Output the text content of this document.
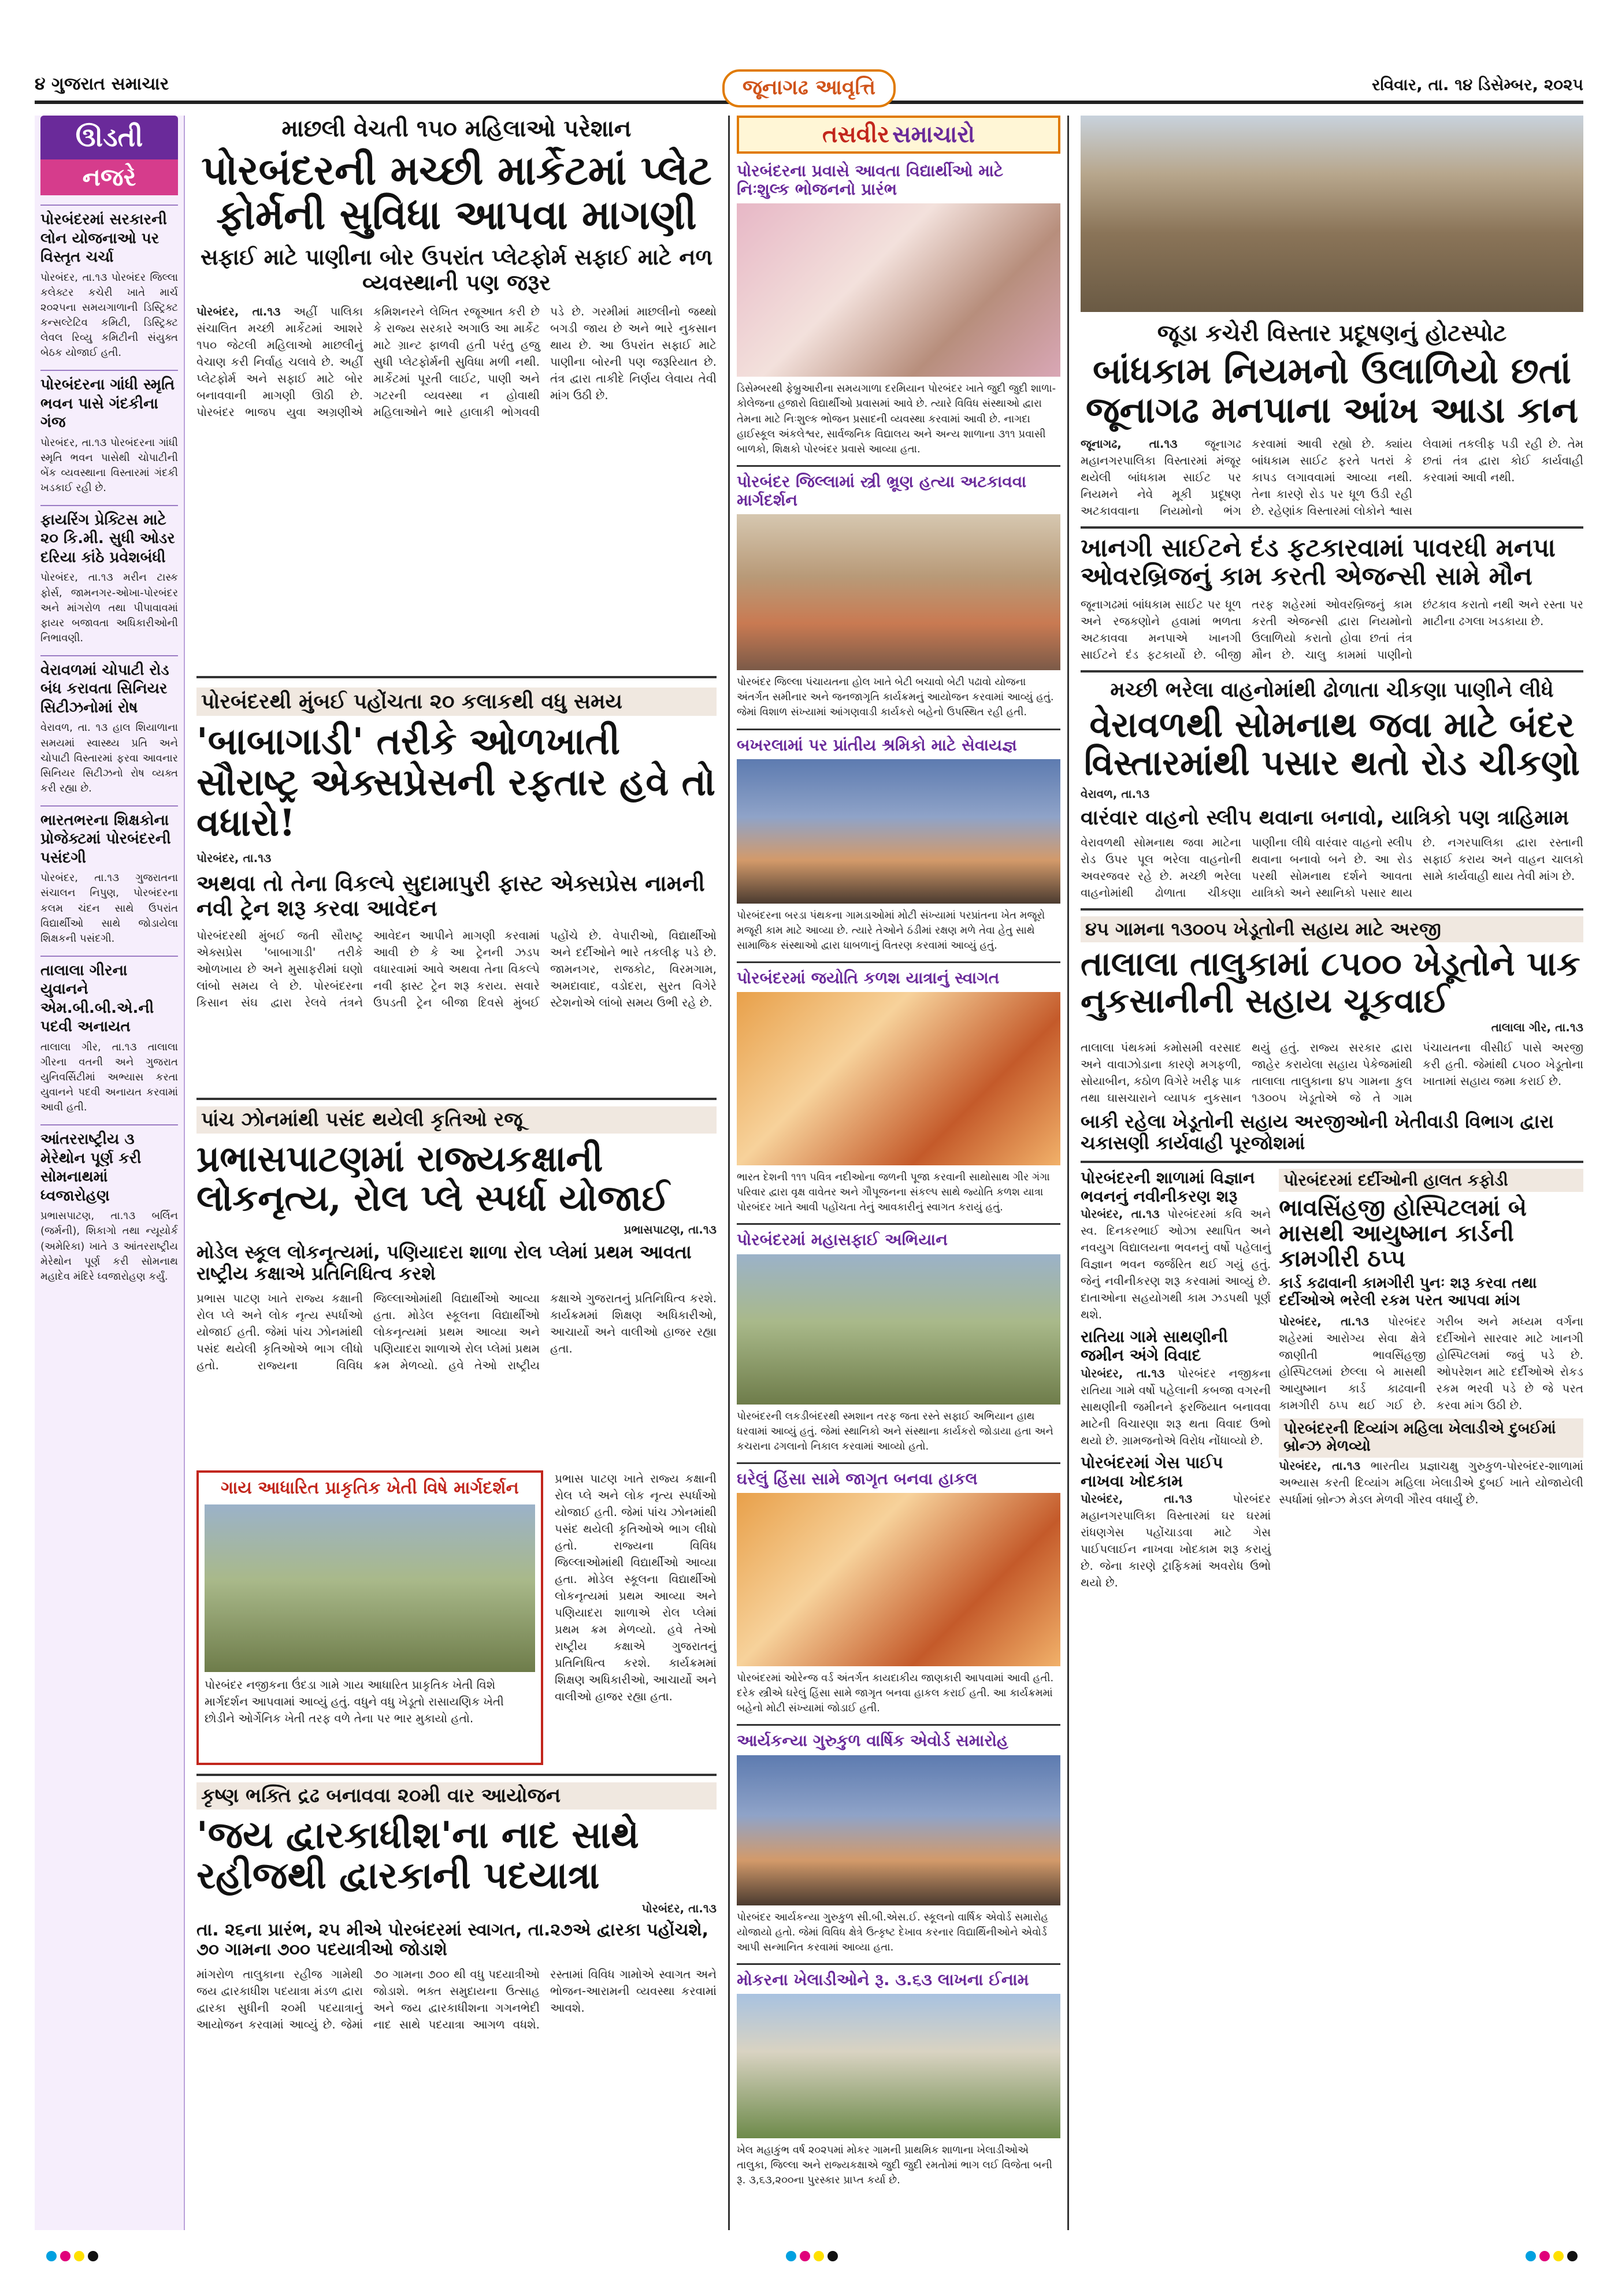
૪ ગુજરાત સમાચાર	જૂનાગઢ આવૃત્તિ	રવિવાર, તા. ૧૪ ડિસેમ્બર, ૨૦૨૫
ઊડતી
નજરે
પોરબંદરમાં સરકારની લોન યોજનાઓ પર વિસ્તૃત ચર્ચા
પોરબંદર, તા.૧૩ પોરબંદર જિલ્લા કલેક્ટર કચેરી ખાતે માર્ચ ૨૦૨૫ના સમયગાળાની ડિસ્ટ્રિક્ટ કન્સલ્ટેટિવ કમિટી, ડિસ્ટ્રિક્ટ લેવલ રિવ્યુ કમિટીની સંયુક્ત બેઠક યોજાઈ હતી.
પોરબંદરના ગાંધી સ્મૃતિ ભવન પાસે ગંદકીના ગંજ
પોરબંદર, તા.૧૩ પોરબંદરના ગાંધી સ્મૃતિ ભવન પાસેથી ચોપાટીની બેંક વ્યવસ્થાના વિસ્તારમાં ગંદકી ખડકાઈ રહી છે.
ફાયરિંગ પ્રેક્ટિસ માટે ૨૦ કિ.મી. સુધી ઓડર દરિયા કાંઠે પ્રવેશબંધી
પોરબંદર, તા.૧૩ મરીન ટાસ્ક ફોર્સ, જામનગર-ઓખા-પોરબંદર અને માંગરોળ તથા પીપાવાવમાં ફાયર બજાવતા અધિકારીઓની નિભાવણી.
વેરાવળમાં ચોપાટી રોડ બંધ કરાવતા સિનિયર સિટીઝનોમાં રોષ
વેરાવળ, તા. ૧૩ હાલ શિયાળાના સમયમાં સ્વાસ્થ્ય પ્રતિ અને ચોપાટી વિસ્તારમાં ફરવા આવનાર સિનિયર સિટીઝનો રોષ વ્યક્ત કરી રહ્યા છે.
ભારતભરના શિક્ષકોના પ્રોજેક્ટમાં પોરબંદરની પસંદગી
પોરબંદર, તા.૧૩ ગુજરાતના સંચાલન નિપુણ, પોરબંદરના કલમ ચંદન સાથે ઉપરાંત વિદ્યાર્થીઓ સાથે જોડાયેલા શિક્ષકની પસંદગી.
તાલાલા ગીરના યુવાનને એમ.બી.બી.એ.ની પદવી અનાયત
તાલાલા ગીર, તા.૧૩ તાલાલા ગીરના વતની અને ગુજરાત યુનિવર્સિટીમાં અભ્યાસ કરતા યુવાનને પદવી અનાયત કરવામાં આવી હતી.
આંતરરાષ્ટ્રીય ૩ મેરેથોન પૂર્ણ કરી સોમનાથમાં ધ્વજારોહણ
પ્રભાસપાટણ, તા.૧૩ બર્લિન (જર્મની), શિકાગો તથા ન્યૂયોર્ક (અમેરિકા) ખાતે ૩ આંતરરાષ્ટ્રીય મેરેથોન પૂર્ણ કરી સોમનાથ મહાદેવ મંદિરે ધ્વજારોહણ કર્યું.
માછલી વેચતી ૧૫૦ મહિલાઓ પરેશાન
પોરબંદરની મચ્છી માર્કેટમાં પ્લેટ ફોર્મની સુવિધા આપવા માગણી
સફાઈ માટે પાણીના બોર ઉપરાંત પ્લેટફોર્મ સફાઈ માટે નળ વ્યવસ્થાની પણ જરૂર
પોરબંદર, તા.૧૩ અહીં પાલિકા સંચાલિત મચ્છી માર્કેટમાં આશરે ૧૫૦ જેટલી મહિલાઓ માછલીનું વેચાણ કરી નિર્વાહ ચલાવે છે. અહીં પ્લેટફોર્મ અને સફાઈ માટે બોર બનાવવાની માગણી ઊઠી છે. પોરબંદર ભાજપ યુવા અગ્રણીએ કમિશનરને લેખિત રજૂઆત કરી છે કે રાજ્ય સરકારે અગાઉ આ માર્કેટ માટે ગ્રાન્ટ ફાળવી હતી પરંતુ હજુ સુધી પ્લેટફોર્મની સુવિધા મળી નથી. માર્કેટમાં પૂરતી લાઈટ, પાણી અને ગટરની વ્યવસ્થા ન હોવાથી મહિલાઓને ભારે હાલાકી ભોગવવી પડે છે. ગરમીમાં માછલીનો જથ્થો બગડી જાય છે અને ભારે નુકસાન થાય છે. આ ઉપરાંત સફાઈ માટે પાણીના બોરની પણ જરૂરિયાત છે. તંત્ર દ્વારા તાકીદે નિર્ણય લેવાય તેવી માંગ ઉઠી છે.
પોરબંદરથી મુંબઈ પહોંચતા ૨૦ કલાકથી વધુ સમય
'બાબાગાડી' તરીકે ઓળખાતી સૌરાષ્ટ્ર એક્સપ્રેસની રફતાર હવે તો વધારો!
પોરબંદર, તા.૧૩
અથવા તો તેના વિકલ્પે સુદામાપુરી ફાસ્ટ એક્સપ્રેસ નામની નવી ટ્રેન શરૂ કરવા આવેદન
પોરબંદરથી મુંબઈ જતી સૌરાષ્ટ્ર એક્સપ્રેસ 'બાબાગાડી' તરીકે ઓળખાય છે અને મુસાફરીમાં ઘણો લાંબો સમય લે છે. પોરબંદરના કિસાન સંઘ દ્વારા રેલવે તંત્રને આવેદન આપીને માગણી કરવામાં આવી છે કે આ ટ્રેનની ઝડપ વધારવામાં આવે અથવા તેના વિકલ્પે નવી ફાસ્ટ ટ્રેન શરૂ કરાય. સવારે ઉપડતી ટ્રેન બીજા દિવસે મુંબઈ પહોંચે છે. વેપારીઓ, વિદ્યાર્થીઓ અને દર્દીઓને ભારે તકલીફ પડે છે. જામનગર, રાજકોટ, વિરમગામ, અમદાવાદ, વડોદરા, સુરત વિગેરે સ્ટેશનોએ લાંબો સમય ઉભી રહે છે.
પાંચ ઝોનમાંથી પસંદ થયેલી કૃતિઓ રજૂ
પ્રભાસપાટણમાં રાજ્યકક્ષાની લોકનૃત્ય, રોલ પ્લે સ્પર્ધા યોજાઈ
પ્રભાસપાટણ, તા.૧૩
મોડેલ સ્કૂલ લોકનૃત્યમાં, પણિયાદરા શાળા રોલ પ્લેમાં પ્રથમ આવતા રાષ્ટ્રીય કક્ષાએ પ્રતિનિધિત્વ કરશે
પ્રભાસ પાટણ ખાતે રાજ્ય કક્ષાની રોલ પ્લે અને લોક નૃત્ય સ્પર્ધાઓ યોજાઈ હતી. જેમાં પાંચ ઝોનમાંથી પસંદ થયેલી કૃતિઓએ ભાગ લીધો હતો. રાજ્યના વિવિધ જિલ્લાઓમાંથી વિદ્યાર્થીઓ આવ્યા હતા. મોડેલ સ્કૂલના વિદ્યાર્થીઓ લોકનૃત્યમાં પ્રથમ આવ્યા અને પણિયાદરા શાળાએ રોલ પ્લેમાં પ્રથમ ક્રમ મેળવ્યો. હવે તેઓ રાષ્ટ્રીય કક્ષાએ ગુજરાતનું પ્રતિનિધિત્વ કરશે. કાર્યક્રમમાં શિક્ષણ અધિકારીઓ, આચાર્યો અને વાલીઓ હાજર રહ્યા હતા.
ગાય આધારિત પ્રાકૃતિક ખેતી વિષે માર્ગદર્શન
પોરબંદર નજીકના ઉંદડા ગામે ગાય આધારિત પ્રાકૃતિક ખેતી વિશે માર્ગદર્શન આપવામાં આવ્યું હતું. વધુને વધુ ખેડૂતો રાસાયણિક ખેતી છોડીને ઓર્ગેનિક ખેતી તરફ વળે તેના પર ભાર મુકાયો હતો.
પ્રભાસ પાટણ ખાતે રાજ્ય કક્ષાની રોલ પ્લે અને લોક નૃત્ય સ્પર્ધાઓ યોજાઈ હતી. જેમાં પાંચ ઝોનમાંથી પસંદ થયેલી કૃતિઓએ ભાગ લીધો હતો. રાજ્યના વિવિધ જિલ્લાઓમાંથી વિદ્યાર્થીઓ આવ્યા હતા. મોડેલ સ્કૂલના વિદ્યાર્થીઓ લોકનૃત્યમાં પ્રથમ આવ્યા અને પણિયાદરા શાળાએ રોલ પ્લેમાં પ્રથમ ક્રમ મેળવ્યો. હવે તેઓ રાષ્ટ્રીય કક્ષાએ ગુજરાતનું પ્રતિનિધિત્વ કરશે. કાર્યક્રમમાં શિક્ષણ અધિકારીઓ, આચાર્યો અને વાલીઓ હાજર રહ્યા હતા.
કૃષ્ણ ભક્તિ દ્રઢ બનાવવા ૨૦મી વાર આયોજન
'જય દ્વારકાધીશ'ના નાદ સાથે રહીજથી દ્વારકાની પદયાત્રા
પોરબંદર, તા.૧૩
તા. ૨૬ના પ્રારંભ, ૨૫ મીએ પોરબંદરમાં સ્વાગત, તા.૨૭એ દ્વારકા પહોંચશે, ૭૦ ગામના ૭૦૦ પદયાત્રીઓ જોડાશે
માંગરોળ તાલુકાના રહીજ ગામેથી જય દ્વારકાધીશ પદયાત્રા મંડળ દ્વારા દ્વારકા સુધીની ૨૦મી પદયાત્રાનું આયોજન કરવામાં આવ્યું છે. જેમાં ૭૦ ગામના ૭૦૦ થી વધુ પદયાત્રીઓ જોડાશે. ભક્ત સમુદાયના ઉત્સાહ અને જય દ્વારકાધીશના ગગનભેદી નાદ સાથે પદયાત્રા આગળ વધશે. રસ્તામાં વિવિધ ગામોએ સ્વાગત અને ભોજન-આરામની વ્યવસ્થા કરવામાં આવશે.
તસવીર સમાચારો
પોરબંદરના પ્રવાસે આવતા વિદ્યાર્થીઓ માટે નિઃશુલ્ક ભોજનનો પ્રારંભ
ડિસેમ્બરથી ફેબ્રુઆરીના સમયગાળા દરમિયાન પોરબંદર ખાતે જુદી જુદી શાળા-કોલેજના હજારો વિદ્યાર્થીઓ પ્રવાસમાં આવે છે. ત્યારે વિવિધ સંસ્થાઓ દ્વારા તેમના માટે નિઃશુલ્ક ભોજન પ્રસાદની વ્યવસ્થા કરવામાં આવી છે. નાગદા હાઈસ્કૂલ અંકલેશ્વર, સાર્વજનિક વિદ્યાલય અને અન્ય શાળાના ૩૧૧ પ્રવાસી બાળકો, શિક્ષકો પોરબંદર પ્રવાસે આવ્યા હતા.
પોરબંદર જિલ્લામાં સ્ત્રી ભ્રૂણ હત્યા અટકાવવા માર્ગદર્શન
પોરબંદર જિલ્લા પંચાયતના હોલ ખાતે બેટી બચાવો બેટી પઢાવો યોજના અંતર્ગત સમીનાર અને જનજાગૃતિ કાર્યક્રમનું આયોજન કરવામાં આવ્યું હતું. જેમાં વિશાળ સંખ્યામાં આંગણવાડી કાર્યકરો બહેનો ઉપસ્થિત રહી હતી.
બખરલામાં પર પ્રાંતીય શ્રમિકો માટે સેવાયજ્ઞ
પોરબંદરના બરડા પંથકના ગામડાઓમાં મોટી સંખ્યામાં પરપ્રાંતના ખેત મજૂરો મજૂરી કામ માટે આવ્યા છે. ત્યારે તેઓને ઠંડીમાં રક્ષણ મળે તેવા હેતુ સાથે સામાજિક સંસ્થાઓ દ્વારા ધાબળાનું વિતરણ કરવામાં આવ્યું હતું.
પોરબંદરમાં જયોતિ કળશ યાત્રાનું સ્વાગત
ભારત દેશની ૧૧૧ પવિત્ર નદીઓના જળની પૂજા કરવાની સાથોસાથ ગીર ગંગા પરિવાર દ્વારા વૃક્ષ વાવેતર અને ગૌપૂજનના સંકલ્પ સાથે જ્યોતિ કળશ યાત્રા પોરબંદર ખાતે આવી પહોંચતા તેનું આવકારીનું સ્વાગત કરાયું હતું.
પોરબંદરમાં મહાસફાઈ અભિયાન
પોરબંદરની લકડીબંદરથી સ્મશાન તરફ જતા રસ્તે સફાઈ અભિયાન હાથ ધરવામાં આવ્યું હતું. જેમાં સ્થાનિકો અને સંસ્થાના કાર્યકરો જોડાયા હતા અને કચરાના ઢગલાનો નિકાલ કરવામાં આવ્યો હતો.
ઘરેલું હિંસા સામે જાગૃત બનવા હાકલ
પોરબંદરમાં ઓરેન્જ વર્ડ અંતર્ગત કાયદાકીય જાણકારી આપવામાં આવી હતી. દરેક સ્ત્રીએ ઘરેલું હિંસા સામે જાગૃત બનવા હાકલ કરાઈ હતી. આ કાર્યક્રમમાં બહેનો મોટી સંખ્યામાં જોડાઈ હતી.
આર્યકન્યા ગુરુકુળ વાર્ષિક એવોર્ડ સમારોહ
પોરબંદર આર્યકન્યા ગુરુકુળ સી.બી.એસ.ઈ. સ્કૂલનો વાર્ષિક એવોર્ડ સમારોહ યોજાયો હતો. જેમાં વિવિધ ક્ષેત્રે ઉત્કૃષ્ટ દેખાવ કરનાર વિદ્યાર્થિનીઓને એવોર્ડ આપી સન્માનિત કરવામાં આવ્યા હતા.
મોકરના ખેલાડીઓને રૂ. ૩.૬૩ લાખના ઈનામ
ખેલ મહાકુંભ વર્ષ ૨૦૨૫માં મોકર ગામની પ્રાથમિક શાળાના ખેલાડીઓએ તાલુકા, જિલ્લા અને રાજ્યકક્ષાએ જુદી જુદી રમતોમાં ભાગ લઈ વિજેતા બની રૂ. ૩,૬૩,૨૦૦ના પુરસ્કાર પ્રાપ્ત કર્યા છે.
જૂડા કચેરી વિસ્તાર પ્રદૂષણનું હોટસ્પોટ
બાંધકામ નિયમનો ઉલાળિયો છતાં જૂનાગઢ મનપાના આંખ આડા કાન
જૂનાગઢ, તા.૧૩ જૂનાગઢ મહાનગરપાલિકા વિસ્તારમાં મંજૂર થયેલી બાંધકામ સાઈટ પર નિયમને નેવે મૂકી પ્રદૂષણ અટકાવવાના નિયમોનો ભંગ કરવામાં આવી રહ્યો છે. ક્યાંય બાંધકામ સાઈટ ફરતે પતરાં કે કાપડ લગાવવામાં આવ્યા નથી. તેના કારણે રોડ પર ધૂળ ઉડી રહી છે. રહેણાંક વિસ્તારમાં લોકોને શ્વાસ લેવામાં તકલીફ પડી રહી છે. તેમ છતાં તંત્ર દ્વારા કોઈ કાર્યવાહી કરવામાં આવી નથી.
ખાનગી સાઈટને દંડ ફટકારવામાં પાવરધી મનપા ઓવરબ્રિજનું કામ કરતી એજન્સી સામે મૌન
જૂનાગઢમાં બાંધકામ સાઈટ પર ધૂળ અને રજકણોને હવામાં ભળતા અટકાવવા મનપાએ ખાનગી સાઈટને દંડ ફટકાર્યો છે. બીજી તરફ શહેરમાં ઓવરબ્રિજનું કામ કરતી એજન્સી દ્વારા નિયમોનો ઉલાળિયો કરાતો હોવા છતાં તંત્ર મૌન છે. ચાલુ કામમાં પાણીનો છંટકાવ કરાતો નથી અને રસ્તા પર માટીના ઢગલા ખડકાયા છે.
મચ્છી ભરેલા વાહનોમાંથી ઢોળાતા ચીકણા પાણીને લીધે
વેરાવળથી સોમનાથ જવા માટે બંદર વિસ્તારમાંથી પસાર થતો રોડ ચીકણો
વેરાવળ, તા.૧૩
વારંવાર વાહનો સ્લીપ થવાના બનાવો, યાત્રિકો પણ ત્રાહિમામ
વેરાવળથી સોમનાથ જવા માટેના રોડ ઉપર પૂલ ભરેલા વાહનોની અવરજવર રહે છે. મચ્છી ભરેલા વાહનોમાંથી ઢોળાતા ચીકણા પાણીના લીધે વારંવાર વાહનો સ્લીપ થવાના બનાવો બને છે. આ રોડ પરથી સોમનાથ દર્શને આવતા યાત્રિકો અને સ્થાનિકો પસાર થાય છે. નગરપાલિકા દ્વારા રસ્તાની સફાઈ કરાય અને વાહન ચાલકો સામે કાર્યવાહી થાય તેવી માંગ છે.
૪૫ ગામના ૧૩૦૦૫ ખેડૂતોની સહાય માટે અરજી
તાલાલા તાલુકામાં ૮૫૦૦ ખેડૂતોને પાક નુકસાનીની સહાય ચૂકવાઈ
તાલાલા ગીર, તા.૧૩
તાલાલા પંથકમાં કમોસમી વરસાદ અને વાવાઝોડાના કારણે મગફળી, સોયાબીન, કઠોળ વિગેરે ખરીફ પાક તથા ઘાસચારાને વ્યાપક નુકસાન થયું હતું. રાજ્ય સરકાર દ્વારા જાહેર કરાયેલા સહાય પેકેજમાંથી તાલાલા તાલુકાના ૪૫ ગામના કુલ ૧૩૦૦૫ ખેડૂતોએ જે તે ગામ પંચાયતના વીસીઈ પાસે અરજી કરી હતી. જેમાંથી ૮૫૦૦ ખેડૂતોના ખાતામાં સહાય જમા કરાઈ છે.
બાકી રહેલા ખેડૂતોની સહાય અરજીઓની ખેતીવાડી વિભાગ દ્વારા ચકાસણી કાર્યવાહી પૂરજોશમાં
પોરબંદરની શાળામાં વિજ્ઞાન ભવનનું નવીનીકરણ શરૂ
પોરબંદર, તા.૧૩ પોરબંદરમાં કવિ અને સ્વ. દિનકરભાઈ ઓઝા સ્થાપિત અને નવયુગ વિદ્યાલયના ભવનનું વર્ષો પહેલાનું વિજ્ઞાન ભવન જર્જરિત થઈ ગયું હતું. જેનું નવીનીકરણ શરૂ કરવામાં આવ્યું છે. દાતાઓના સહયોગથી કામ ઝડપથી પૂર્ણ થશે.
રાતિયા ગામે સાથણીની જમીન અંગે વિવાદ
પોરબંદર, તા.૧૩ પોરબંદર નજીકના રાતિયા ગામે વર્ષો પહેલાની કબજા વગરની સાથણીની જમીનને ફરજિયાત બનાવવા માટેની વિચારણા શરૂ થતા વિવાદ ઉભો થયો છે. ગ્રામજનોએ વિરોધ નોંધાવ્યો છે.
પોરબંદરમાં ગેસ પાઈપ નાખવા ખોદકામ
પોરબંદર, તા.૧૩	પોરબંદર મહાનગરપાલિકા વિસ્તારમાં ઘર ઘરમાં રાંધણગેસ પહોંચાડવા માટે ગેસ પાઈપલાઈન નાખવા ખોદકામ શરૂ કરાયું છે. જેના કારણે ટ્રાફિકમાં અવરોધ ઉભો થયો છે.
પોરબંદરમાં દર્દીઓની હાલત કફોડી
ભાવસિંહજી હોસ્પિટલમાં બે માસથી આયુષ્માન કાર્ડની કામગીરી ઠપ્પ
કાર્ડ કઢાવાની કામગીરી પુનઃ શરૂ કરવા તથા દર્દીઓએ ભરેલી રકમ પરત આપવા માંગ
પોરબંદર, તા.૧૩ પોરબંદર શહેરમાં આરોગ્ય સેવા ક્ષેત્રે જાણીતી ભાવસિંહજી હોસ્પિટલમાં છેલ્લા બે માસથી આયુષ્માન કાર્ડ કાઢવાની કામગીરી ઠપ્પ થઈ ગઈ છે. ગરીબ અને મધ્યમ વર્ગના દર્દીઓને સારવાર માટે ખાનગી હોસ્પિટલમાં જવું પડે છે. ઓપરેશન માટે દર્દીઓએ રોકડ રકમ ભરવી પડે છે જે પરત કરવા માંગ ઉઠી છે.
પોરબંદરની દિવ્યાંગ મહિલા ખેલાડીએ દુબઈમાં બ્રોન્ઝ મેળવ્યો
પોરબંદર, તા.૧૩ ભારતીય પ્રજ્ઞાચક્ષુ ગુરુકુળ-પોરબંદર-શાળામાં અભ્યાસ કરતી દિવ્યાંગ મહિલા ખેલાડીએ દુબઈ ખાતે યોજાયેલી સ્પર્ધામાં બ્રોન્ઝ મેડલ મેળવી ગૌરવ વધાર્યું છે.
